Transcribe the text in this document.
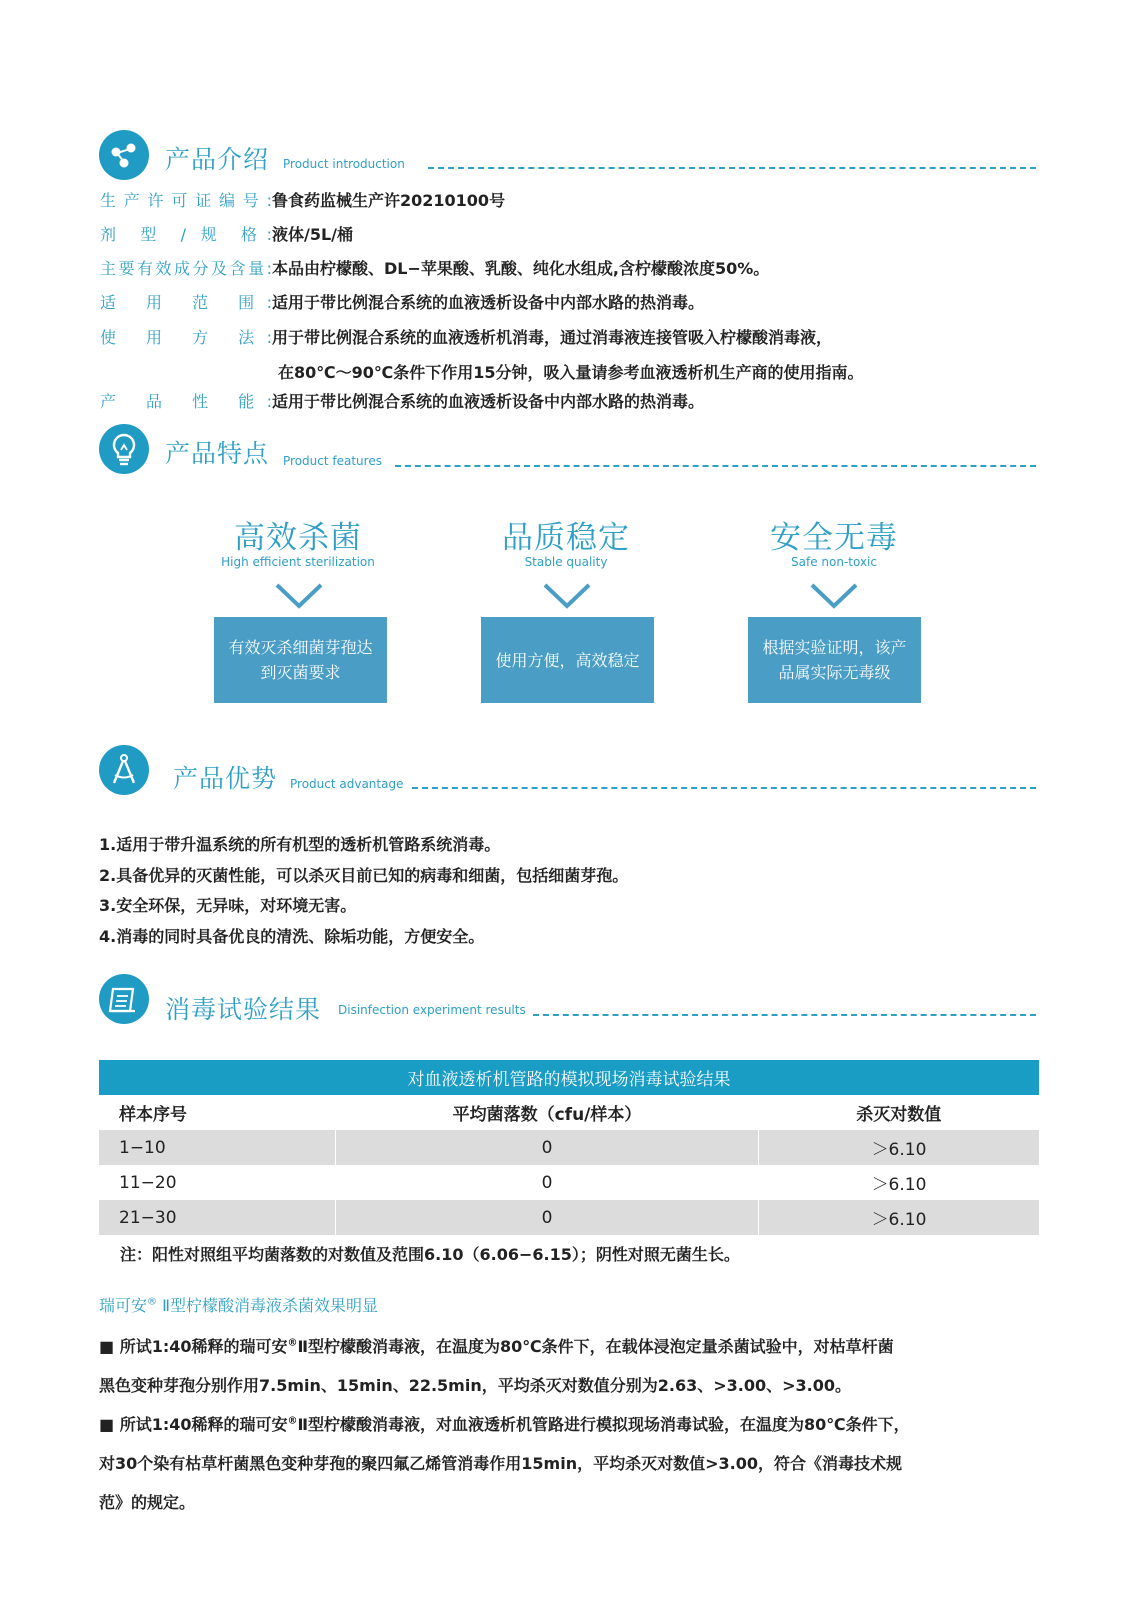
产品介绍 Product introduction
生产许可证编号:鲁食药监械生产许20210100号
剂 型 / 规 格:液体/5L/桶
主要有效成分及含量:本品由柠檬酸、DL−苹果酸、乳酸、纯化水组成,含柠檬酸浓度50%。
适 用 范 围:适用于带比例混合系统的血液透析设备中内部水路的热消毒。
使 用 方 法:用于带比例混合系统的血液透析机消毒，通过消毒液连接管吸入柠檬酸消毒液，
在80℃～90℃条件下作用15分钟，吸入量请参考血液透析机生产商的使用指南。
产 品 性 能:适用于带比例混合系统的血液透析设备中内部水路的热消毒。
产品特点 Product features
高效杀菌
High efficient sterilization
有效灭杀细菌芽孢达到灭菌要求
品质稳定
Stable quality
使用方便，高效稳定
安全无毒
Safe non-toxic
根据实验证明，该产品属实际无毒级
产品优势 Product advantage
1.适用于带升温系统的所有机型的透析机管路系统消毒。
2.具备优异的灭菌性能，可以杀灭目前已知的病毒和细菌，包括细菌芽孢。
3.安全环保，无异味，对环境无害。
4.消毒的同时具备优良的清洗、除垢功能，方便安全。
消毒试验结果 Disinfection experiment results
对血液透析机管路的模拟现场消毒试验结果		
样本序号	平均菌落数（cfu/样本）	杀灭对数值
1−10	0	＞6.10
11−20	0	＞6.10
21−30	0	＞6.10
注：阳性对照组平均菌落数的对数值及范围6.10（6.06−6.15）；阴性对照无菌生长。
瑞可安® Ⅱ型柠檬酸消毒液杀菌效果明显
■ 所试1:40稀释的瑞可安®Ⅱ型柠檬酸消毒液，在温度为80℃条件下，在载体浸泡定量杀菌试验中，对枯草杆菌
黑色变种芽孢分别作用7.5min、15min、22.5min，平均杀灭对数值分别为2.63、>3.00、>3.00。
■ 所试1:40稀释的瑞可安®Ⅱ型柠檬酸消毒液，对血液透析机管路进行模拟现场消毒试验，在温度为80℃条件下，
对30个染有枯草杆菌黑色变种芽孢的聚四氟乙烯管消毒作用15min，平均杀灭对数值>3.00，符合《消毒技术规
范》的规定。
